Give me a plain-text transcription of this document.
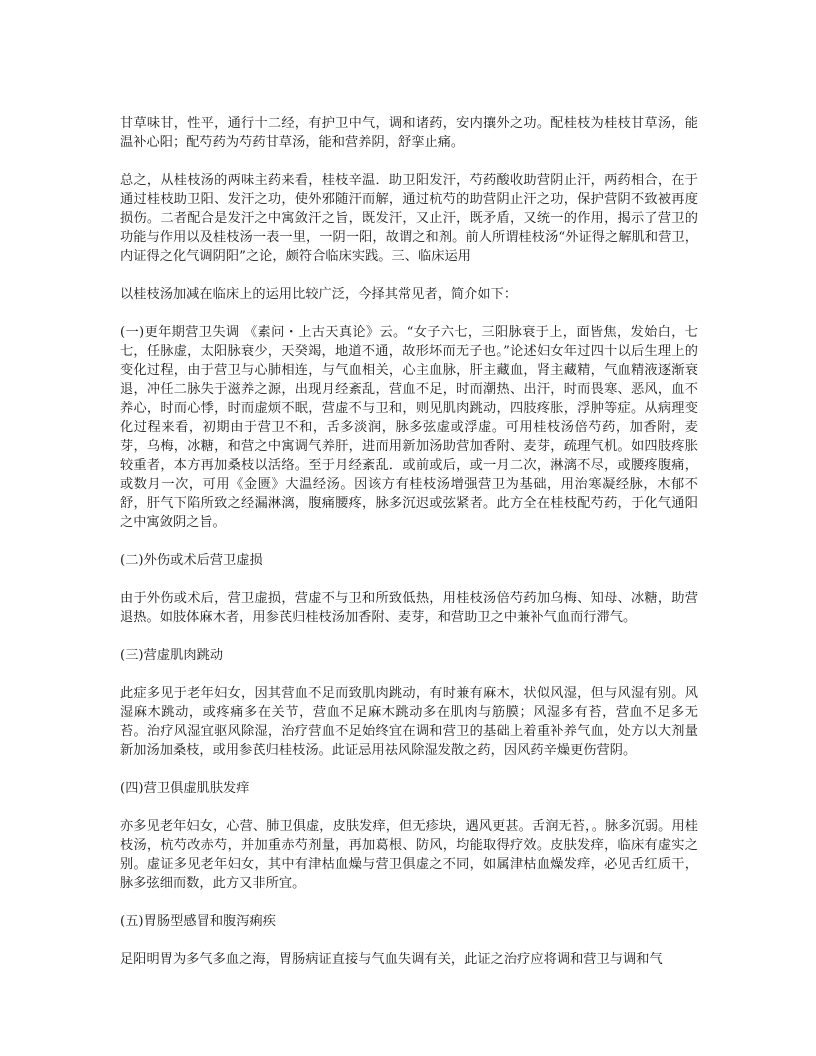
甘草味甘，性平，通行十二经，有护卫中气，调和诸药，安内攘外之功。配桂枝为桂枝甘草汤，能温补心阳；配芍药为芍药甘草汤，能和营养阴，舒挛止痛。

总之，从桂枝汤的两味主药来看，桂枝辛温．助卫阳发汗，芍药酸收助营阴止汗，两药相合，在于通过桂枝助卫阳、发汗之功，使外邪随汗而解，通过杭芍的助营阴止汗之功，保护营阴不致被再度损伤。二者配合是发汗之中寓敛汗之旨，既发汗，又止汗，既矛盾，又统一的作用，揭示了营卫的功能与作用以及桂枝汤一表一里，一阴一阳，故谓之和剂。前人所谓桂枝汤“外证得之解肌和营卫，内证得之化气调阴阳”之论，颇符合临床实践。三、临床运用

以桂枝汤加减在临床上的运用比较广泛，今择其常见者，简介如下：

(一)更年期营卫失调 《素问・上古天真论》云。“女子六七，三阳脉衰于上，面皆焦，发始白，七七，任脉虚，太阳脉衰少，天癸竭，地道不通，故形坏而无子也。”论述妇女年过四十以后生理上的变化过程，由于营卫与心肺相连，与气血相关，心主血脉，肝主藏血，肾主藏精，气血精液逐渐衰退，冲任二脉失于滋养之源，出现月经紊乱，营血不足，时而潮热、出汗，时而畏寒、恶风，血不养心，时而心悸，时而虚烦不眠，营虚不与卫和，则见肌肉跳动，四肢疼胀，浮肿等症。从病理变化过程来看，初期由于营卫不和，舌多淡润，脉多弦虚或浮虚。可用桂枝汤倍芍药，加香附，麦芽，乌梅，冰糖，和营之中寓调气养肝，进而用新加汤助营加香附、麦芽，疏理气机。如四肢疼胀较重者，本方再加桑枝以活络。至于月经紊乱．或前或后，或一月二次，淋漓不尽，或腰疼腹痛，或数月一次，可用《金匮》大温经汤。因该方有桂枝汤增强营卫为基础，用治寒凝经脉，木郁不舒，肝气下陷所致之经漏淋漓，腹痛腰疼，脉多沉迟或弦紧者。此方全在桂枝配芍药，于化气通阳之中寓敛阴之旨。

(二)外伤或术后营卫虚损

由于外伤或术后，营卫虚损，营虚不与卫和所致低热，用桂枝汤倍芍药加乌梅、知母、冰糖，助营退热。如肢体麻木者，用参芪归桂枝汤加香附、麦芽，和营助卫之中兼补气血而行滞气。

(三)营虚肌肉跳动

此症多见于老年妇女，因其营血不足而致肌肉跳动，有时兼有麻木，状似风湿，但与风湿有别。风湿麻木跳动，或疼痛多在关节，营血不足麻木跳动多在肌肉与筋膜；风湿多有苔，营血不足多无苔。治疗风湿宜驱风除湿，治疗营血不足始终宜在调和营卫的基础上着重补养气血，处方以大剂量新加汤加桑枝，或用参芪归桂枝汤。此证忌用祛风除湿发散之药，因风药辛燥更伤营阴。

(四)营卫俱虚肌肤发痒

亦多见老年妇女，心营、肺卫俱虚，皮肤发痒，但无疹块，遇风更甚。舌润无苔，。脉多沉弱。用桂枝汤，杭芍改赤芍，并加重赤芍剂量，再加葛根、防风，均能取得疗效。皮肤发痒，临床有虚实之别。虚证多见老年妇女，其中有津枯血燥与营卫俱虚之不同，如属津枯血燥发痒，必见舌红质干，脉多弦细而数，此方又非所宜。

(五)胃肠型感冒和腹泻痢疾

足阳明胃为多气多血之海，胃肠病证直接与气血失调有关，此证之治疗应将调和营卫与调和气
